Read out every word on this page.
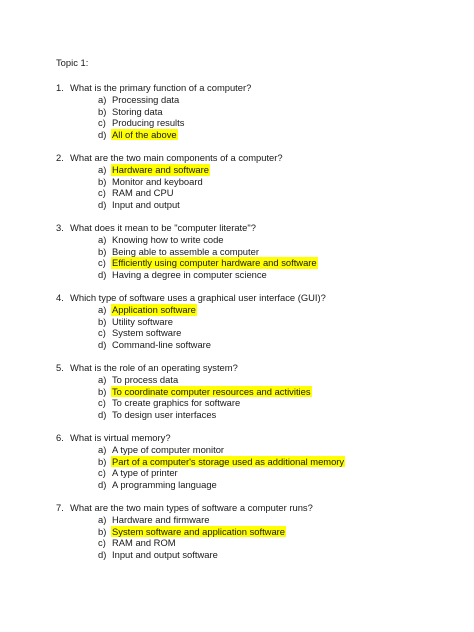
Topic 1:
1. What is the primary function of a computer?
a) Processing data
b) Storing data
c) Producing results
d) All of the above
2. What are the two main components of a computer?
a) Hardware and software
b) Monitor and keyboard
c) RAM and CPU
d) Input and output
3. What does it mean to be "computer literate"?
a) Knowing how to write code
b) Being able to assemble a computer
c) Efficiently using computer hardware and software
d) Having a degree in computer science
4. Which type of software uses a graphical user interface (GUI)?
a) Application software
b) Utility software
c) System software
d) Command-line software
5. What is the role of an operating system?
a) To process data
b) To coordinate computer resources and activities
c) To create graphics for software
d) To design user interfaces
6. What is virtual memory?
a) A type of computer monitor
b) Part of a computer's storage used as additional memory
c) A type of printer
d) A programming language
7. What are the two main types of software a computer runs?
a) Hardware and firmware
b) System software and application software
c) RAM and ROM
d) Input and output software
